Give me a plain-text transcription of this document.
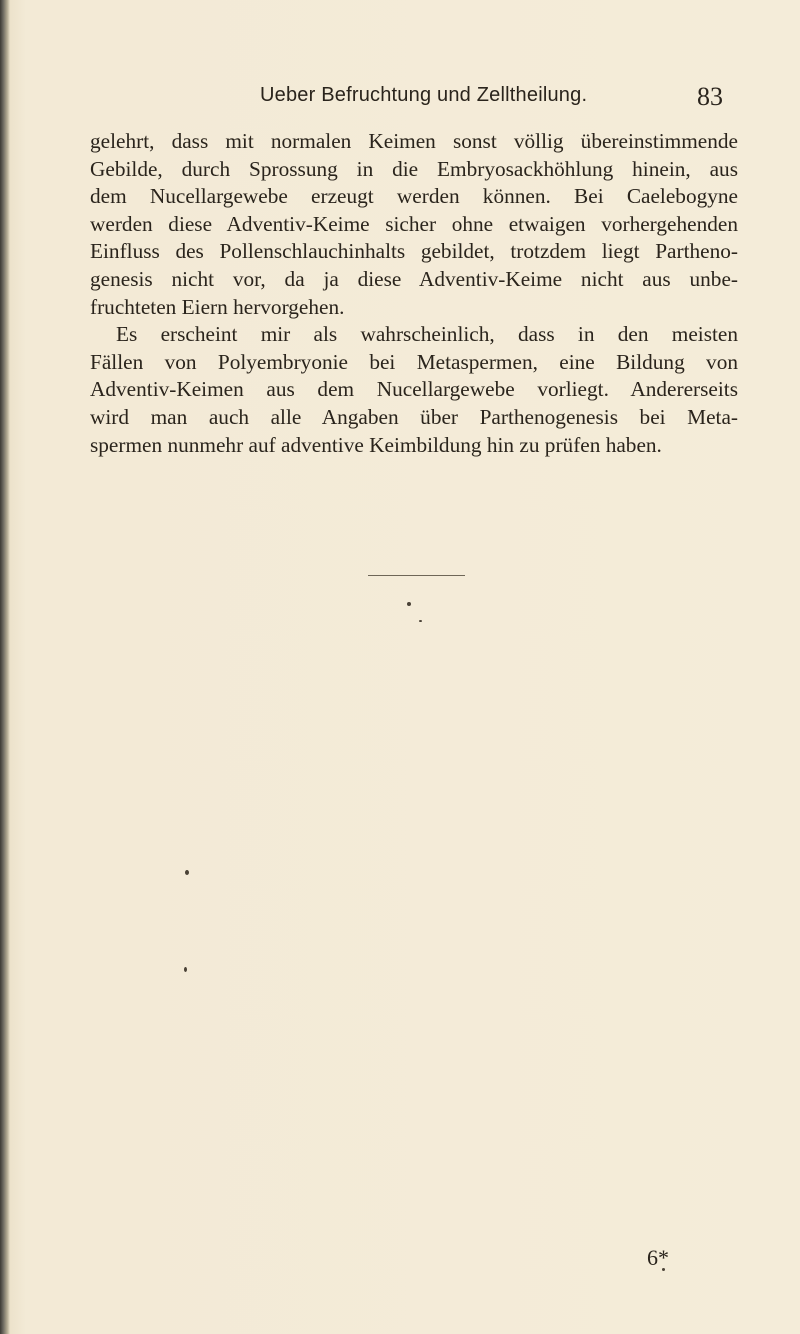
Ueber Befruchtung und Zelltheilung.	83
gelehrt, dass mit normalen Keimen sonst völlig übereinstimmende
Gebilde, durch Sprossung in die Embryosackhöhlung hinein, aus
dem Nucellargewebe erzeugt werden können. Bei Caelebogyne
werden diese Adventiv-Keime sicher ohne etwaigen vorhergehenden
Einfluss des Pollenschlauchinhalts gebildet, trotzdem liegt Partheno-
genesis nicht vor, da ja diese Adventiv-Keime nicht aus unbe-
fruchteten Eiern hervorgehen.
Es erscheint mir als wahrscheinlich, dass in den meisten
Fällen von Polyembryonie bei Metaspermen, eine Bildung von
Adventiv-Keimen aus dem Nucellargewebe vorliegt. Andererseits
wird man auch alle Angaben über Parthenogenesis bei Meta-
spermen nunmehr auf adventive Keimbildung hin zu prüfen haben.
6*
